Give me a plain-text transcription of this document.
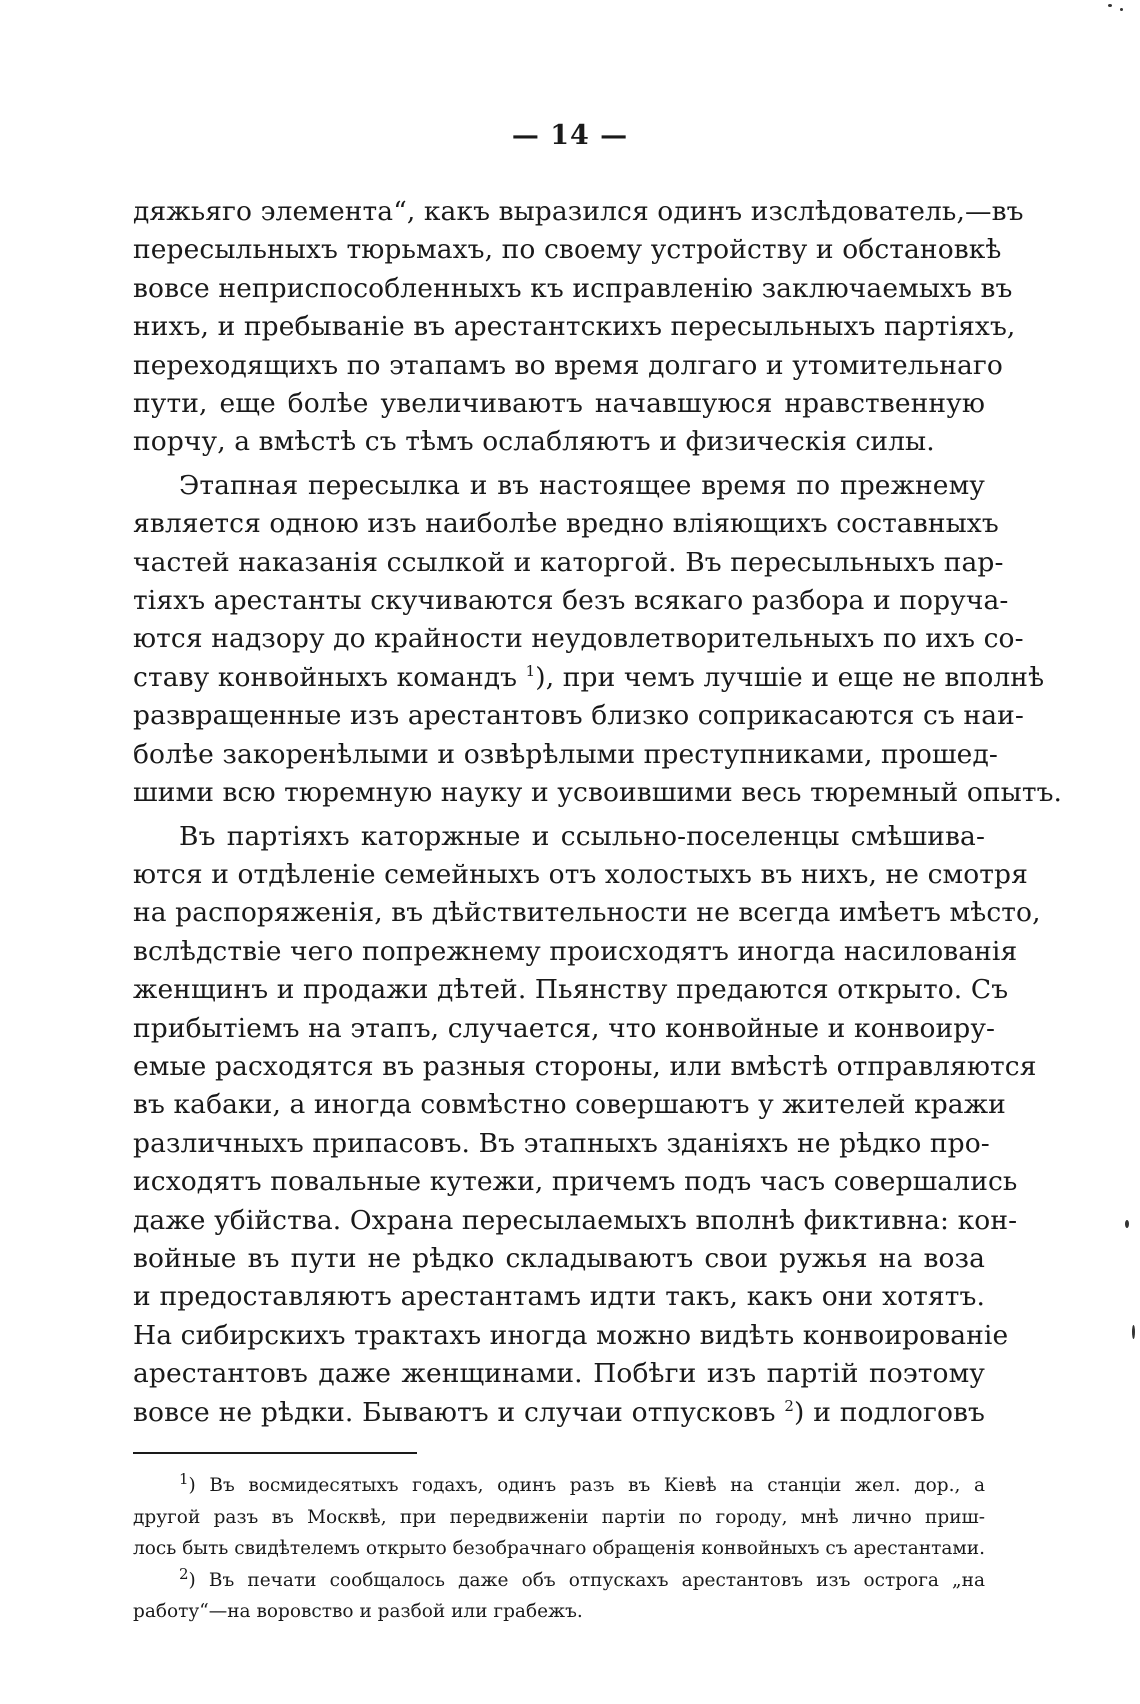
— 14 —
дяжьяго элемента“, какъ выразился одинъ изслѣдователь,—въ
пересыльныхъ тюрьмахъ, по своему устройству и обстановкѣ
вовсе неприспособленныхъ къ исправленію заключаемыхъ въ
нихъ, и пребываніе въ арестантскихъ пересыльныхъ партіяхъ,
переходящихъ по этапамъ во время долгаго и утомительнаго
пути, еще болѣе увеличиваютъ начавшуюся нравственную
порчу, а вмѣстѣ съ тѣмъ ослабляютъ и физическія силы.
Этапная пересылка и въ настоящее время по прежнему
является одною изъ наиболѣе вредно вліяющихъ составныхъ
частей наказанія ссылкой и каторгой. Въ пересыльныхъ пар-
тіяхъ арестанты скучиваются безъ всякаго разбора и поруча-
ются надзору до крайности неудовлетворительныхъ по ихъ со-
ставу конвойныхъ командъ $^1$), при чемъ лучшіе и еще не вполнѣ
развращенные изъ арестантовъ близко соприкасаются съ наи-
болѣе закоренѣлыми и озвѣрѣлыми преступниками, прошед-
шими всю тюремную науку и усвоившими весь тюремный опытъ.
Въ партіяхъ каторжные и ссыльно-поселенцы смѣшива-
ются и отдѣленіе семейныхъ отъ холостыхъ въ нихъ, не смотря
на распоряженія, въ дѣйствительности не всегда имѣетъ мѣсто,
вслѣдствіе чего попрежнему происходятъ иногда насилованія
женщинъ и продажи дѣтей. Пьянству предаются открыто. Съ
прибытіемъ на этапъ, случается, что конвойные и конвоиру-
емые расходятся въ разныя стороны, или вмѣстѣ отправляются
въ кабаки, а иногда совмѣстно совершаютъ у жителей кражи
различныхъ припасовъ. Въ этапныхъ зданіяхъ не рѣдко про-
исходятъ повальные кутежи, причемъ подъ часъ совершались
даже убійства. Охрана пересылаемыхъ вполнѣ фиктивна: кон-
войные въ пути не рѣдко складываютъ свои ружья на воза
и предоставляютъ арестантамъ идти такъ, какъ они хотятъ.
На сибирскихъ трактахъ иногда можно видѣть конвоированіе
арестантовъ даже женщинами. Побѣги изъ партій поэтому
вовсе не рѣдки. Бываютъ и случаи отпусковъ $^2$) и подлоговъ
$^1$) Въ восмидесятыхъ годахъ, одинъ разъ въ Кіевѣ на станціи жел. дор., а
другой разъ въ Москвѣ, при передвиженіи партіи по городу, мнѣ лично приш-
лось быть свидѣтелемъ открыто безобрачнаго обращенія конвойныхъ съ арестантами.
$^2$) Въ печати сообщалось даже объ отпускахъ арестантовъ изъ острога „на
работу“—на воровство и разбой или грабежъ.
